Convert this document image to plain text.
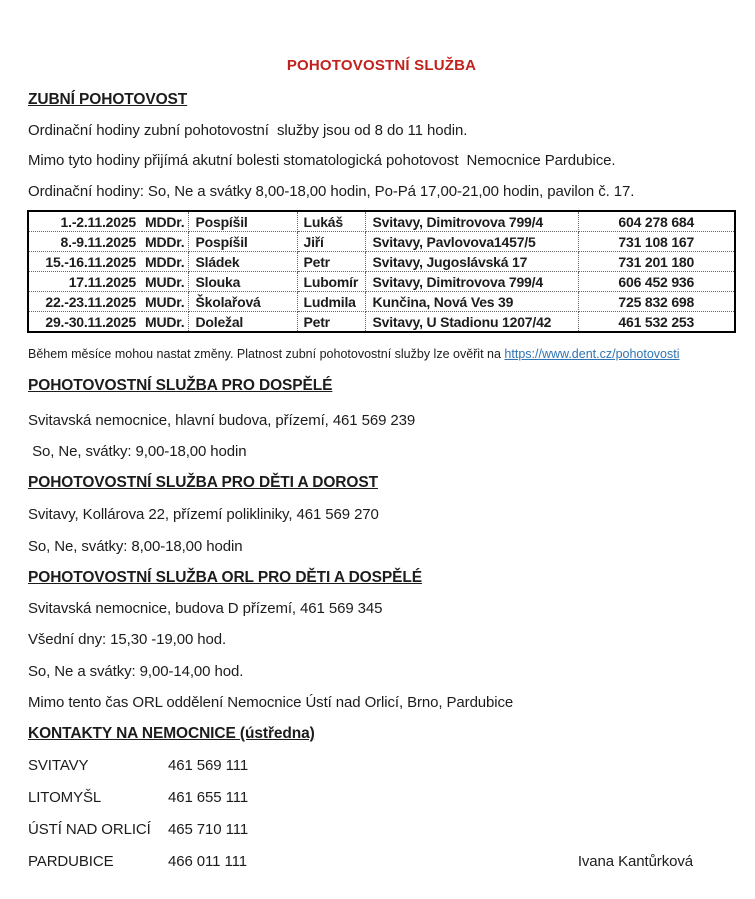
POHOTOVOSTNÍ SLUŽBA
ZUBNÍ POHOTOVOST

Ordinační hodiny zubní pohotovostní  služby jsou od 8 do 11 hodin.

Mimo tyto hodiny přijímá akutní bolesti stomatologická pohotovost  Nemocnice Pardubice.

Ordinační hodiny: So, Ne a svátky 8,00-18,00 hodin, Po-Pá 17,00-21,00 hodin, pavilon č. 17.

1.-2.11.2025	MDDr.	Pospíšil	Lukáš	Svitavy, Dimitrovova 799/4	604 278 684
8.-9.11.2025	MDDr.	Pospíšil	Jiří	Svitavy, Pavlovova1457/5	731 108 167
15.-16.11.2025	MDDr.	Sládek	Petr	Svitavy, Jugoslávská 17	731 201 180
17.11.2025	MUDr.	Slouka	Lubomír	Svitavy, Dimitrovova 799/4	606 452 936
22.-23.11.2025	MUDr.	Školařová	Ludmila	Kunčina, Nová Ves 39	725 832 698
29.-30.11.2025	MUDr.	Doležal	Petr	Svitavy, U Stadionu 1207/42	461 532 253
Během měsíce mohou nastat změny. Platnost zubní pohotovostní služby lze ověřit na https://www.dent.cz/pohotovosti
POHOTOVOSTNÍ SLUŽBA PRO DOSPĚLÉ

Svitavská nemocnice, hlavní budova, přízemí, 461 569 239

So, Ne, svátky: 9,00-18,00 hodin

POHOTOVOSTNÍ SLUŽBA PRO DĚTI A DOROST

Svitavy, Kollárova 22, přízemí polikliniky, 461 569 270

So, Ne, svátky: 8,00-18,00 hodin

POHOTOVOSTNÍ SLUŽBA ORL PRO DĚTI A DOSPĚLÉ

Svitavská nemocnice, budova D přízemí, 461 569 345

Všední dny: 15,30 -19,00 hod.

So, Ne a svátky: 9,00-14,00 hod.

Mimo tento čas ORL oddělení Nemocnice Ústí nad Orlicí, Brno, Pardubice

KONTAKTY NA NEMOCNICE (ústředna)
SVITAVY	461 569 111
LITOMYŠL	461 655 111
ÚSTÍ NAD ORLICÍ	465 710 111
PARDUBICE	466 011 111	Ivana Kantůrková
